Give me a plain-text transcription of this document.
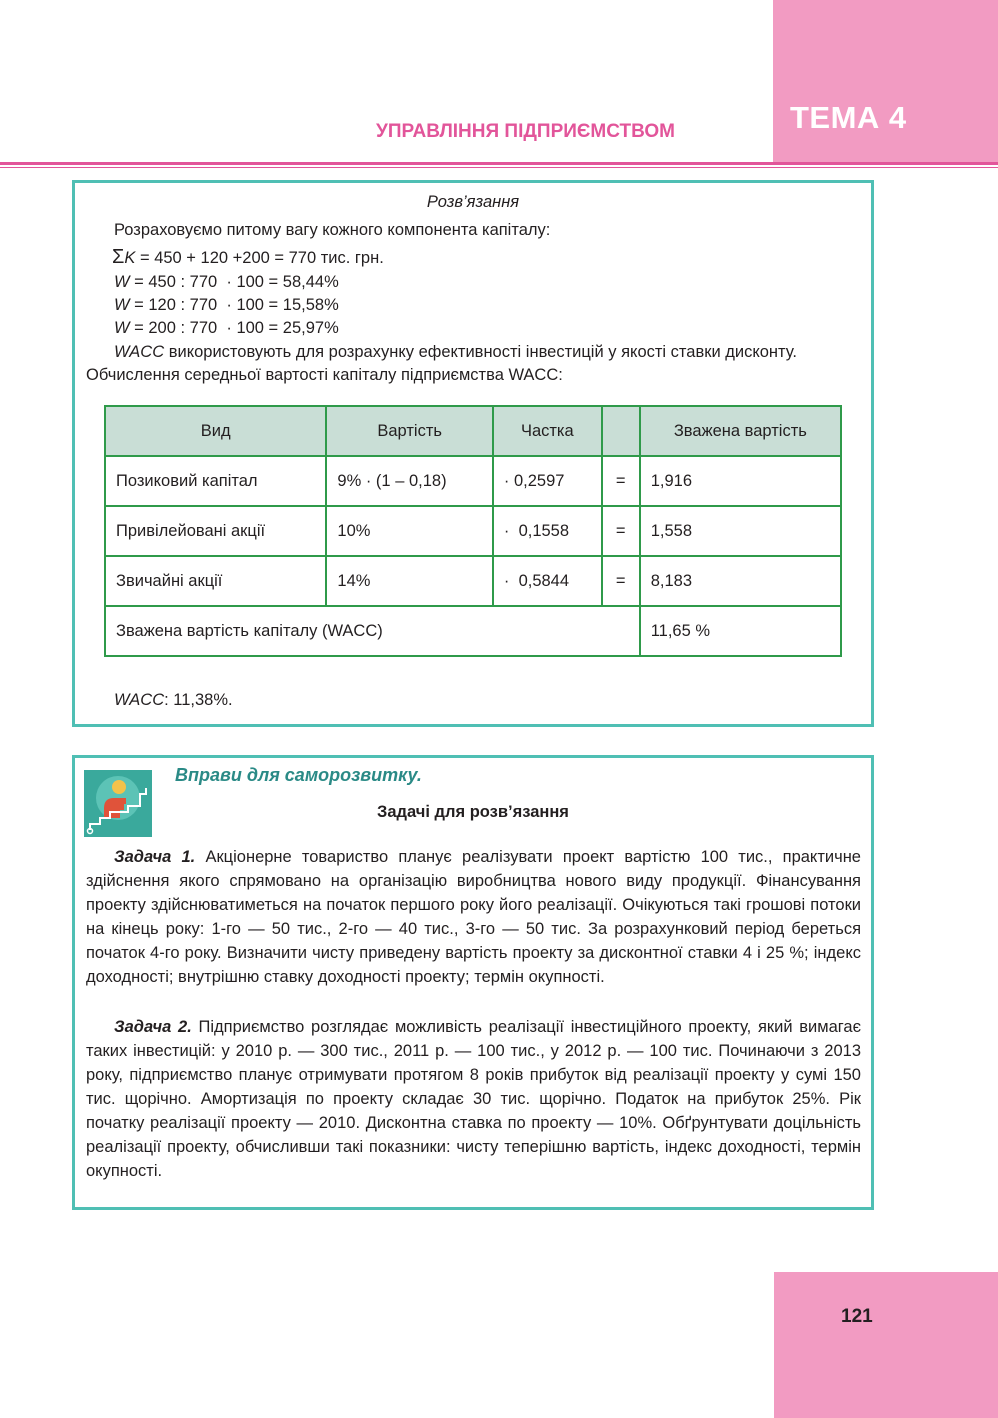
ТЕМА 4
УПРАВЛІННЯ ПІДПРИЄМСТВОМ
Розв’язання
Розраховуємо питому вагу кожного компонента капіталу:
ΣK = 450 + 120 +200 = 770 тис. грн.
W = 450 : 770  · 100 = 58,44%
W = 120 : 770  · 100 = 15,58%
W = 200 : 770  · 100 = 25,97%
WACC використовують для розрахунку ефективності інвестицій у якості ставки дисконту.
Обчислення середньої вартості капіталу підприємства WACC:
Вид	Вартість	Частка		Зважена вартість
Позиковий капітал	9% · (1 – 0,18)	· 0,2597	=	1,916
Привілейовані акції	10%	·  0,1558	=	1,558
Звичайні акції	14%	·  0,5844	=	8,183
Зважена вартість капіталу (WACC)				11,65 %
WACC: 11,38%.
Вправи для саморозвитку.
Задачі для розв’язання
Задача 1. Акціонерне товариство планує реалізувати проект вартістю 100 тис., практичне здійснення якого спрямовано на організацію виробництва нового виду продукції. Фінансування проекту здійснюватиметься на початок першого року його реалізації. Очікуються такі грошові потоки на кінець року: 1-го — 50 тис., 2-го — 40 тис., 3-го — 50 тис. За розрахунковий період береться початок 4-го року. Визначити чисту приведену вартість проекту за дисконтної ставки 4 і 25 %; індекс доходності; внутрішню ставку доходності проекту; термін окупності.
Задача 2. Підприємство розглядає можливість реалізації інвестиційного проекту, який вимагає таких інвестицій: у 2010 р. — 300 тис., 2011 р. — 100 тис., у 2012 р. — 100 тис. Починаючи з 2013 року, підприємство планує отримувати протягом 8 років прибуток від реалізації проекту у сумі 150 тис. щорічно. Амортизація по проекту складає 30 тис. щорічно. Податок на прибуток 25%. Рік початку реалізації проекту — 2010. Дисконтна ставка по проекту — 10%. Обґрунтувати доцільність реалізації проекту, обчисливши такі показники: чисту теперішню вартість, індекс доходності, термін окупності.
121
